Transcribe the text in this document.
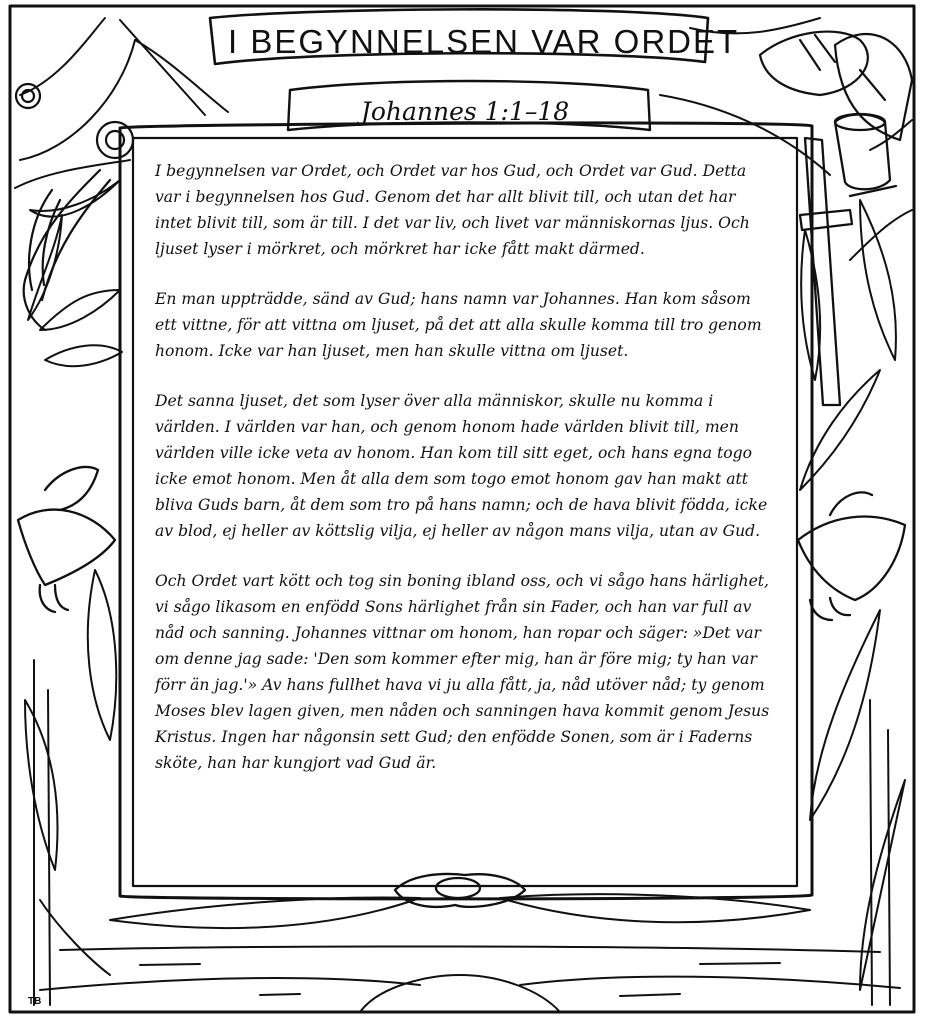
I BEGYNNELSEN VAR ORDET
Johannes 1:1–18

I begynnelsen var Ordet, och Ordet var hos Gud, och Ordet var Gud. Detta var i begynnelsen hos Gud. Genom det har allt blivit till, och utan det har intet blivit till, som är till. I det var liv, och livet var människornas ljus. Och ljuset lyser i mörkret, och mörkret har icke fått makt därmed.

En man uppträdde, sänd av Gud; hans namn var Johannes. Han kom såsom ett vittne, för att vittna om ljuset, på det att alla skulle komma till tro genom honom. Icke var han ljuset, men han skulle vittna om ljuset.

Det sanna ljuset, det som lyser över alla människor, skulle nu komma i världen. I världen var han, och genom honom hade världen blivit till, men världen ville icke veta av honom. Han kom till sitt eget, och hans egna togo icke emot honom. Men åt alla dem som togo emot honom gav han makt att bliva Guds barn, åt dem som tro på hans namn; och de hava blivit födda, icke av blod, ej heller av köttslig vilja, ej heller av någon mans vilja, utan av Gud.

Och Ordet vart kött och tog sin boning ibland oss, och vi sågo hans härlighet, vi sågo likasom en enfödd Sons härlighet från sin Fader, och han var full av nåd och sanning. Johannes vittnar om honom, han ropar och säger: »Det var om denne jag sade: 'Den som kommer efter mig, han är före mig; ty han var förr än jag.'» Av hans fullhet hava vi ju alla fått, ja, nåd utöver nåd; ty genom Moses blev lagen given, men nåden och sanningen hava kommit genom Jesus Kristus. Ingen har någonsin sett Gud; den enfödde Sonen, som är i Faderns sköte, han har kungjort vad Gud är.

TB
